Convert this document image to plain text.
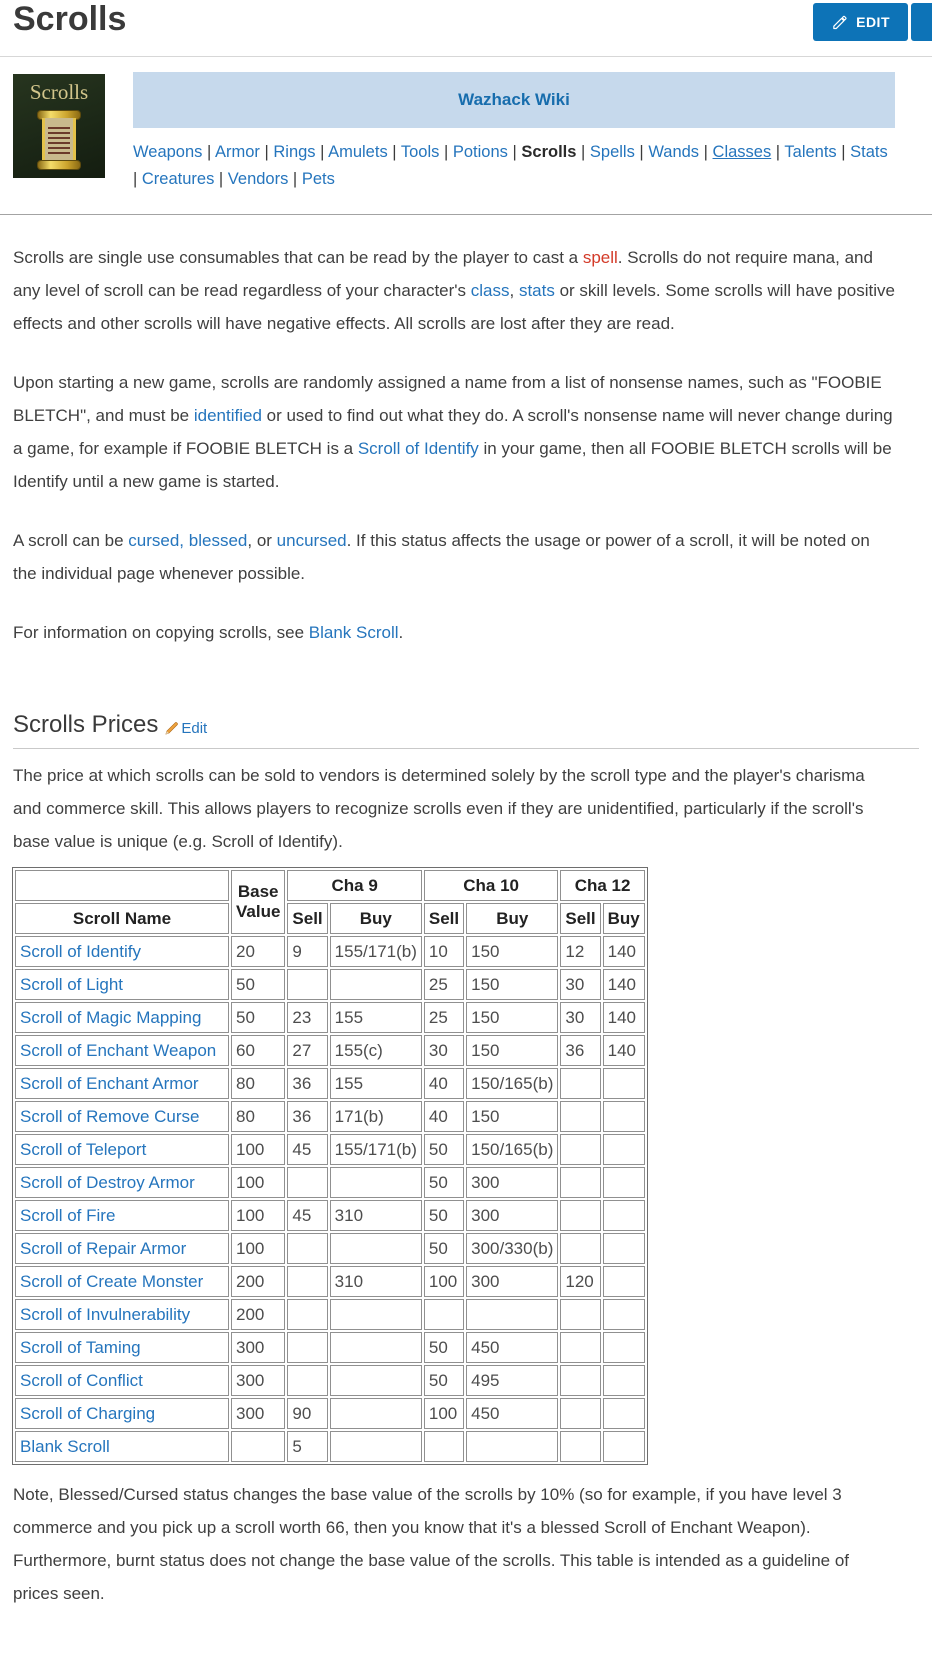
Scrolls	EDIT
Scrolls	Wazhack Wiki
Weapons | Armor | Rings | Amulets | Tools | Potions | Scrolls | Spells | Wands | Classes | Talents | Stats | Creatures | Vendors | Pets

Scrolls are single use consumables that can be read by the player to cast a spell. Scrolls do not require mana, and any level of scroll can be read regardless of your character's class, stats or skill levels. Some scrolls will have positive effects and other scrolls will have negative effects. All scrolls are lost after they are read.

Upon starting a new game, scrolls are randomly assigned a name from a list of nonsense names, such as "FOOBIE BLETCH", and must be identified or used to find out what they do. A scroll's nonsense name will never change during a game, for example if FOOBIE BLETCH is a Scroll of Identify in your game, then all FOOBIE BLETCH scrolls will be Identify until a new game is started.

A scroll can be cursed, blessed, or uncursed. If this status affects the usage or power of a scroll, it will be noted on the individual page whenever possible.

For information on copying scrolls, see Blank Scroll.

Scrolls Prices Edit

The price at which scrolls can be sold to vendors is determined solely by the scroll type and the player's charisma and commerce skill. This allows players to recognize scrolls even if they are unidentified, particularly if the scroll's base value is unique (e.g. Scroll of Identify).

	Base Value	Cha 9		Cha 10		Cha 12	
Scroll Name		Sell	Buy	Sell	Buy	Sell	Buy
Scroll of Identify	20	9	155/171(b)	10	150	12	140
Scroll of Light	50			25	150	30	140
Scroll of Magic Mapping	50	23	155	25	150	30	140
Scroll of Enchant Weapon	60	27	155(c)	30	150	36	140
Scroll of Enchant Armor	80	36	155	40	150/165(b)		
Scroll of Remove Curse	80	36	171(b)	40	150		
Scroll of Teleport	100	45	155/171(b)	50	150/165(b)		
Scroll of Destroy Armor	100			50	300		
Scroll of Fire	100	45	310	50	300		
Scroll of Repair Armor	100			50	300/330(b)		
Scroll of Create Monster	200		310	100	300	120	
Scroll of Invulnerability	200						
Scroll of Taming	300			50	450		
Scroll of Conflict	300			50	495		
Scroll of Charging	300	90		100	450		
Blank Scroll		5					

Note, Blessed/Cursed status changes the base value of the scrolls by 10% (so for example, if you have level 3 commerce and you pick up a scroll worth 66, then you know that it's a blessed Scroll of Enchant Weapon). Furthermore, burnt status does not change the base value of the scrolls. This table is intended as a guideline of prices seen.
